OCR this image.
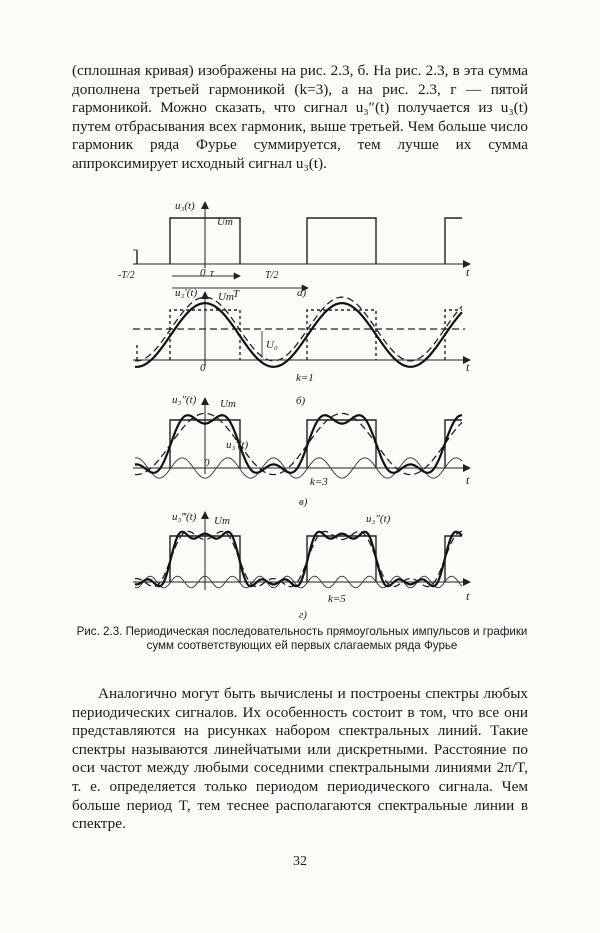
(сплошная кривая) изображены на рис. 2.3, б. На рис. 2.3, в эта сумма дополнена третьей гармоникой (k=3), а на рис. 2.3, г — пятой гармоникой. Можно сказать, что сигнал u₃″(t) получается из u₃(t) путем отбрасывания всех гармоник, выше третьей. Чем больше число гармоник ряда Фурье суммируется, тем лучше их сумма аппроксимирует исходный сигнал u₃(t).

u₃(t)
Um
0 τ
T
-T/2	T/2	t
а)
u₃′(t) Um
U₀
0
k=1
t
б)
u₃″(t) Um
u₃′(t)
0
k=3	t
в)
u₃‴(t) Um	u₃″(t)
k=5	t
г)

Рис. 2.3. Периодическая последовательность прямоугольных импульсов и графики сумм соответствующих ей первых слагаемых ряда Фурье

Аналогично могут быть вычислены и построены спектры любых периодических сигналов. Их особенность состоит в том, что все они представляются на рисунках набором спектральных линий. Такие спектры называются линейчатыми или дискретными. Расстояние по оси частот между любыми соседними спектральными линиями 2π/T, т. е. определяется только периодом периодического сигнала. Чем больше период T, тем теснее располагаются спектральные линии в спектре.

32
